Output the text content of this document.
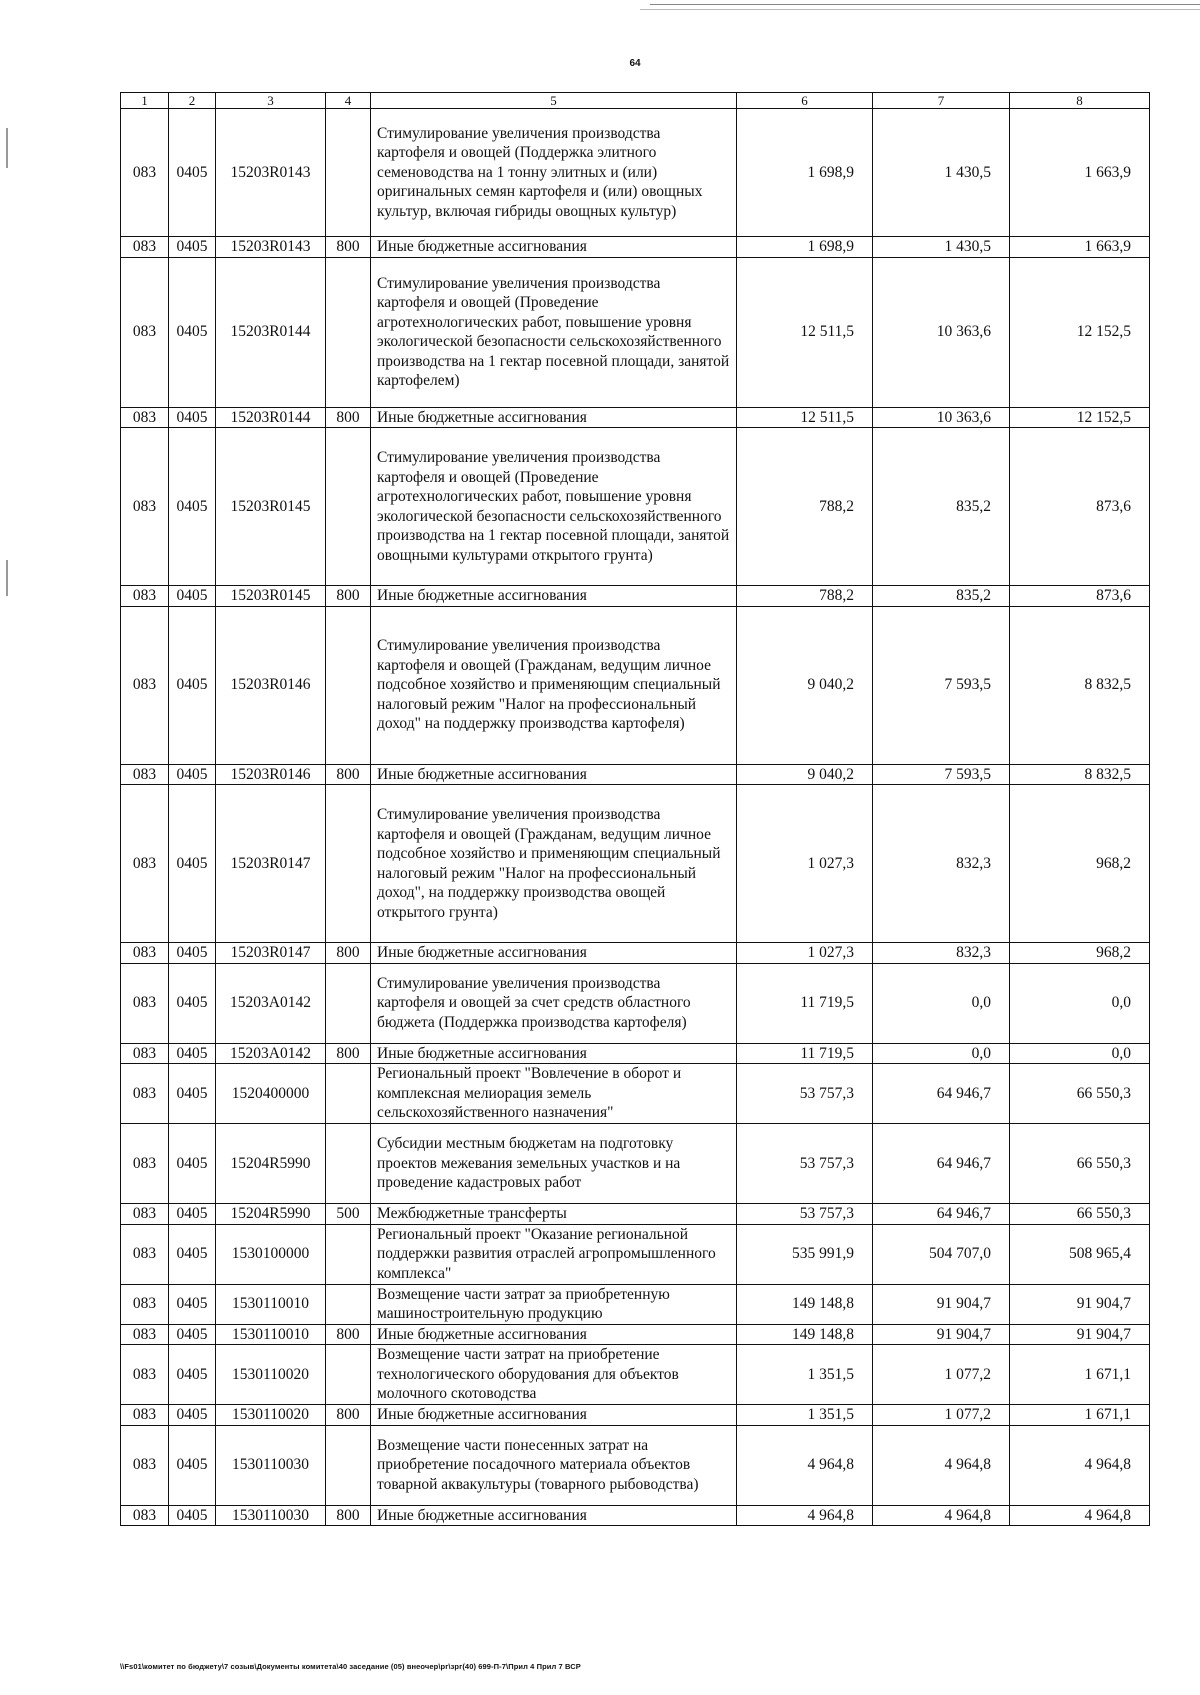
64
1	2	3	4	5	6	7	8
083	0405	15203R0143		Стимулирование увеличения производства картофеля и овощей (Поддержка элитного семеноводства на 1 тонну элитных и (или) оригинальных семян картофеля и (или) овощных культур, включая гибриды овощных культур)	1 698,9	1 430,5	1 663,9
083	0405	15203R0143	800	Иные бюджетные ассигнования	1 698,9	1 430,5	1 663,9
083	0405	15203R0144		Стимулирование увеличения производства картофеля и овощей (Проведение агротехнологических работ, повышение уровня экологической безопасности сельскохозяйственного производства на 1 гектар посевной площади, занятой картофелем)	12 511,5	10 363,6	12 152,5
083	0405	15203R0144	800	Иные бюджетные ассигнования	12 511,5	10 363,6	12 152,5
083	0405	15203R0145		Стимулирование увеличения производства картофеля и овощей (Проведение агротехнологических работ, повышение уровня экологической безопасности сельскохозяйственного производства на 1 гектар посевной площади, занятой овощными культурами открытого грунта)	788,2	835,2	873,6
083	0405	15203R0145	800	Иные бюджетные ассигнования	788,2	835,2	873,6
083	0405	15203R0146		Стимулирование увеличения производства картофеля и овощей (Гражданам, ведущим личное подсобное хозяйство и применяющим специальный налоговый режим "Налог на профессиональный доход" на поддержку производства картофеля)	9 040,2	7 593,5	8 832,5
083	0405	15203R0146	800	Иные бюджетные ассигнования	9 040,2	7 593,5	8 832,5
083	0405	15203R0147		Стимулирование увеличения производства картофеля и овощей (Гражданам, ведущим личное подсобное хозяйство и применяющим специальный налоговый режим "Налог на профессиональный доход", на поддержку производства овощей открытого грунта)	1 027,3	832,3	968,2
083	0405	15203R0147	800	Иные бюджетные ассигнования	1 027,3	832,3	968,2
083	0405	15203А0142		Стимулирование увеличения производства картофеля и овощей за счет средств областного бюджета (Поддержка производства картофеля)	11 719,5	0,0	0,0
083	0405	15203А0142	800	Иные бюджетные ассигнования	11 719,5	0,0	0,0
083	0405	1520400000		Региональный проект "Вовлечение в оборот и комплексная мелиорация земель сельскохозяйственного назначения"	53 757,3	64 946,7	66 550,3
083	0405	15204R5990		Субсидии местным бюджетам на подготовку проектов межевания земельных участков и на проведение кадастровых работ	53 757,3	64 946,7	66 550,3
083	0405	15204R5990	500	Межбюджетные трансферты	53 757,3	64 946,7	66 550,3
083	0405	1530100000		Региональный проект "Оказание региональной поддержки развития отраслей агропромышленного комплекса"	535 991,9	504 707,0	508 965,4
083	0405	1530110010		Возмещение части затрат за приобретенную машиностроительную продукцию	149 148,8	91 904,7	91 904,7
083	0405	1530110010	800	Иные бюджетные ассигнования	149 148,8	91 904,7	91 904,7
083	0405	1530110020		Возмещение части затрат на приобретение технологического оборудования для объектов молочного скотоводства	1 351,5	1 077,2	1 671,1
083	0405	1530110020	800	Иные бюджетные ассигнования	1 351,5	1 077,2	1 671,1
083	0405	1530110030		Возмещение части понесенных затрат на приобретение посадочного материала объектов товарной аквакультуры (товарного рыбоводства)	4 964,8	4 964,8	4 964,8
083	0405	1530110030	800	Иные бюджетные ассигнования	4 964,8	4 964,8	4 964,8
\\Fs01\комитет по бюджету\7 созыв\Документы комитета\40 заседание (05) внеочер\рг\зрг(40) 699-П-7\Прил 4 Прил 7 ВСР
